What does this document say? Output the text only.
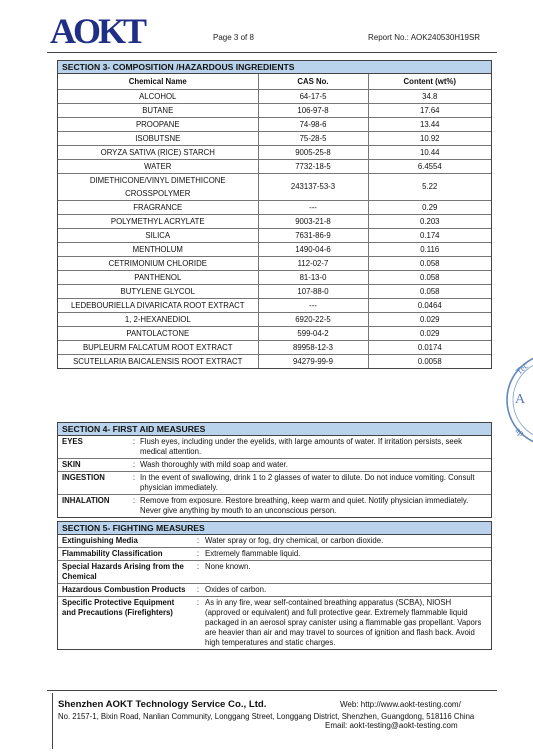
AOKT	Page 3 of 8	Report No.: AOK240530H19SR
SECTION 3- COMPOSITION /HAZARDOUS INGREDIENTS
Chemical Name	CAS No.	Content (wt%)
ALCOHOL	64-17-5	34.8
BUTANE	106-97-8	17.64
PROOPANE	74-98-6	13.44
ISOBUTSNE	75-28-5	10.92
ORYZA SATIVA (RICE) STARCH	9005-25-8	10.44
WATER	7732-18-5	6.4554
DIMETHICONE/VINYL DIMETHICONE CROSSPOLYMER	243137-53-3	5.22
FRAGRANCE	---	0.29
POLYMETHYL ACRYLATE	9003-21-8	0.203
SILICA	7631-86-9	0.174
MENTHOLUM	1490-04-6	0.116
CETRIMONIUM CHLORIDE	112-02-7	0.058
PANTHENOL	81-13-0	0.058
BUTYLENE GLYCOL	107-88-0	0.058
LEDEBOURIELLA DIVARICATA ROOT EXTRACT	---	0.0464
1, 2-HEXANEDIOL	6920-22-5	0.029
PANTOLACTONE	599-04-2	0.029
BUPLEURM FALCATUM ROOT EXTRACT	89958-12-3	0.0174
SCUTELLARIA BAICALENSIS ROOT EXTRACT	94279-99-9	0.0058
SECTION 4- FIRST AID MEASURES
EYES	: Flush eyes, including under the eyelids, with large amounts of water. If irritation persists, seek medical attention.
SKIN	: Wash thoroughly with mild soap and water.
INGESTION	: In the event of swallowing, drink 1 to 2 glasses of water to dilute. Do not induce vomiting. Consult physician immediately.
INHALATION	: Remove from exposure. Restore breathing, keep warm and quiet. Notify physician immediately. Never give anything by mouth to an unconscious person.
SECTION 5- FIGHTING MEASURES
Extinguishing Media	: Water spray or fog, dry chemical, or carbon dioxide.
Flammability Classification	: Extremely flammable liquid.
Special Hazards Arising from the Chemical
: None known.
Hazardous Combustion Products	: Oxides of carbon.
Specific Protective Equipment and Precautions (Firefighters)
: As in any fire, wear self-contained breathing apparatus (SCBA), NIOSH (approved or equivalent) and full protective gear. Extremely flammable liquid packaged in an aerosol spray canister using a flammable gas propellant. Vapors are heavier than air and may travel to sources of ignition and flash back. Avoid high temperatures and static charges.
Tec
A
ap
Shenzhen AOKT Technology Service Co., Ltd.	Web: http://www.aokt-testing.com/
No. 2157-1, Bixin Road, Nanlian Community, Longgang Street, Longgang District, Shenzhen, Guangdong, 518116 China
Email: aokt-testing@aokt-testing.com
